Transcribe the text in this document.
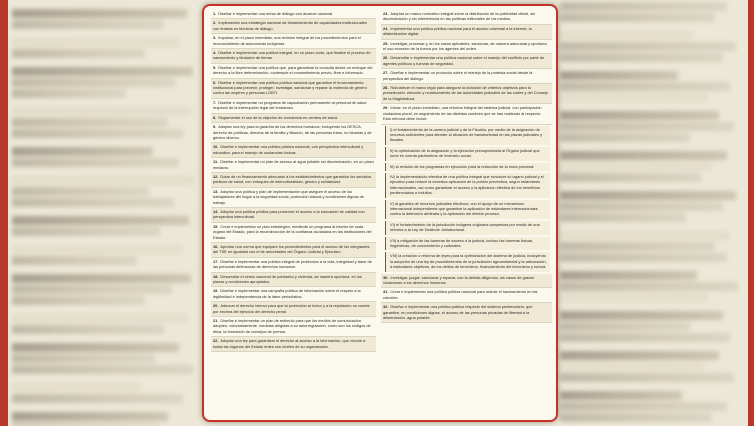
1. Diseñar e implementar una mesa de diálogo con alcance nacional.
2. Implementar una estrategia nacional de fortalecimiento de capacidades institucionales con énfasis en técnicas de diálogo.
3. Impulsar, en el plazo inmediato, una revisión integral de los procedimientos para el reconocimiento de autonomías indígenas.
4. Diseñar e implementar una política integral, en un plazo corto, que finalice el proceso de saneamiento y titulación de tierras.
5. Diseñar e implementar una política que, para garantizar la consulta desde un enfoque del derecho a la libre determinación, contemple el consentimiento previo, libre e informado.
6. Diseñar e implementar una política pública nacional que garantice el funcionamiento institucional para prevenir, proteger, investigar, sancionar y reparar la violencia de género contra las mujeres y personas LGBTI.
7. Diseñar e implementar un programa de capacitación permanente al personal de salud respecto de la interrupción legal del embarazo.
8. Reglamentar el uso de la objeción de conciencia en centros de salud.
9. Adoptar una ley para la garantía de los derechos humanos, incluyendo los DESCA, derecho de políticas, directos de la familia y filiación, de las personas trans, no binarias y de género diverso.
10. Diseñar e implementar una política pública nacional, con perspectiva intercultural y educativa, para el manejo de sustancias tóxicas.
11. Diseñar e implementar un plan de acceso al agua potable sin discriminación, en un plazo mediano.
12. Dotar de un financiamiento adecuado a los establecimientos que garantice los servicios públicos de salud, con enfoques de interculturalidad, género y solidaridad.
13. Adoptar una política y plan de implementación que asegure el acceso de los trabajadores del hogar a la seguridad social, protección laboral y condiciones dignas de trabajo.
14. Adoptar una política pública para promover el acceso a la educación de calidad con perspectiva intercultural.
15. Crear e implementar un plan estratégico, mediante un programa al interior de cada órgano del Estado, para la reconstrucción de la confianza ciudadana en las instituciones del Estado.
16. Aprobar una norma que equipare los procedimientos para el acceso de los integrantes del TSE en igualdad con el de autoridades del Órgano Judicial y Ejecutivo.
17. Diseñar e implementar una política integral de protección a la vida, integridad y labor de las personas defensoras de derechos humanos.
18. Desarrollar el censo nacional de población y vivienda, de manera oportuna, en los plazos y condiciones apropiados.
19. Diseñar e implementar una campaña pública de información sobre el respeto a la legitimidad e independencia de la labor periodística.
20. Adecuar el derecho interno para que la protección al honor y a la reputación no cuente por encima del ejercicio del derecho penal.
21. Diseñar e implementar un plan de estímulo para que los medios de comunicación adopten, voluntariamente, medidas dirigidas a su autorregulación, como son los códigos de ética, la formación de consejos de prensa.
22. Adoptar una ley para garantizar el derecho al acceso a la información, que vincule a todas las órganos del Estado entes sus niveles de su organización.
23. Adoptar un marco normativo integral sobre la distribución de la publicidad oficial, sin discriminación y sin interferencia en las políticas editoriales de los medios.
24. Implementar una política pública nacional para el acceso universal a la internet, la alfabetización digital.
25. Investigar, procesar y, en los casos aplicables, sancionar, de manera adecuada y oportuna, el uso excesivo de la fuerza por los agentes del orden.
26. Desarrollar e implementar una política nacional sobre el manejo del conflicto por parte de agentes públicos y fuerzas de seguridad.
27. Diseñar e implementar un protocolo sobre el manejo de la protesta social desde la perspectiva del diálogo.
28. Robustecer el marco legal para asegurar la inclusión de criterios objetivos para la preselección, elección y nombramiento de las autoridades judiciales de las cortes y del Consejo de la Magistratura.
29. Iniciar, en el plazo inmediato, una reforma integral del sistema judicial, con participación ciudadana plural, en seguimiento de las distintas cumbres que se han realizado al respecto. Esta reforma debe incluir:
I) el fortalecimiento de la carrera judicial y de la Fiscalía, por medio de la asignación de recursos suficientes para atender la situación de transitoriedad en las plazas judiciales y fiscales.
II) la optimización de la asignación y la ejecución presupuestaria al Órgano judicial que tome en cuenta parámetros de inversión social.
III) la revisión de los programas en ejecución para la reducción de la mora procesal.
IV) la implementación efectiva de una política integral que involucre al órgano judicial y el ejecutivo para reducir la excesiva aplicación de la prisión preventiva, según estándares internacionales, así como garantizar el acceso y la aplicación efectiva de los beneficios penitenciarios e indultos.
V) la garantía de recursos judiciales efectivos, con el apoyo de un mecanismo internacional independiente que garantice la aplicación de estándares internacionales contra la detención arbitraria y la aplicación del debido proceso.
VI) el fortalecimiento de la jurisdicción indígena originaria campesina por medio de una reforma a la Ley de Deslinde Jurisdiccional.
VII) a mitigación de las barreras de acceso a la justicia, incluso las barreras físicas, lingüísticas, de conocimiento y culturales.
VIII) la creación o reforma de leyes para la optimización del sistema de justicia, incluyendo la adopción de una ley de procedimientos de la jurisdicción agroambiental y la adecuación, a estándares objetivos, de los delitos de terrorismo, financiamiento del terrorismo y tortura.
30. Investigar, juzgar, sancionar y reparar, con la debida diligencia, los casos de graves violaciones a los derechos humanos.
31. Crear e implementar una política pública nacional para reducir el hacinamiento en las cárceles.
32. Diseñar e implementar una política pública respecto del sistema penitenciario, que garantice, en condiciones dignas, el acceso de las personas privadas de libertad a la alimentación, agua potable.
